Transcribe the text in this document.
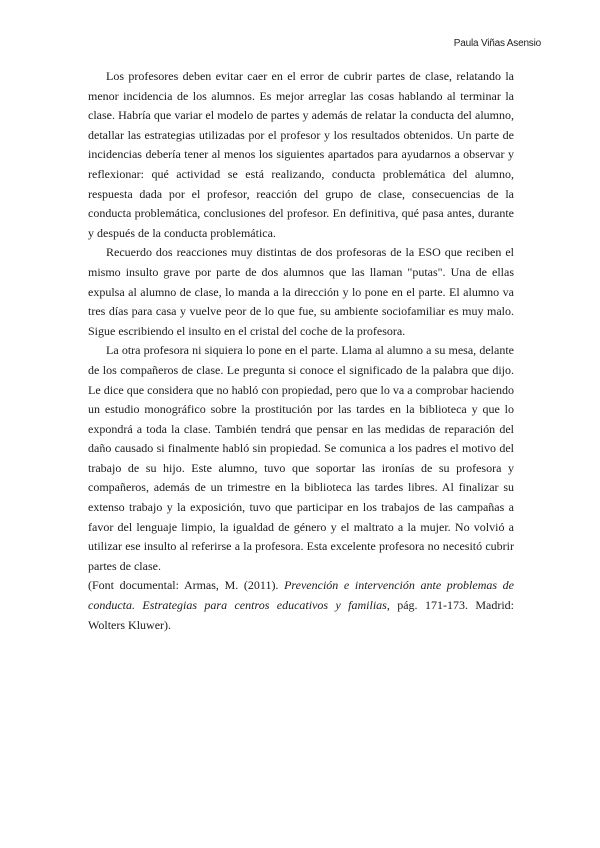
Paula Viñas Asensio

Los profesores deben evitar caer en el error de cubrir partes de clase, relatando la menor incidencia de los alumnos. Es mejor arreglar las cosas hablando al terminar la clase. Habría que variar el modelo de partes y además de relatar la conducta del alumno, detallar las estrategias utilizadas por el profesor y los resultados obtenidos. Un parte de incidencias debería tener al menos los siguientes apartados para ayudarnos a observar y reflexionar: qué actividad se está realizando, conducta problemática del alumno, respuesta dada por el profesor, reacción del grupo de clase, consecuencias de la conducta problemática, conclusiones del profesor. En definitiva, qué pasa antes, durante y después de la conducta problemática.

Recuerdo dos reacciones muy distintas de dos profesoras de la ESO que reciben el mismo insulto grave por parte de dos alumnos que las llaman "putas". Una de ellas expulsa al alumno de clase, lo manda a la dirección y lo pone en el parte. El alumno va tres días para casa y vuelve peor de lo que fue, su ambiente sociofamiliar es muy malo. Sigue escribiendo el insulto en el cristal del coche de la profesora.

La otra profesora ni siquiera lo pone en el parte. Llama al alumno a su mesa, delante de los compañeros de clase. Le pregunta si conoce el significado de la palabra que dijo. Le dice que considera que no habló con propiedad, pero que lo va a comprobar haciendo un estudio monográfico sobre la prostitución por las tardes en la biblioteca y que lo expondrá a toda la clase. También tendrá que pensar en las medidas de reparación del daño causado si finalmente habló sin propiedad. Se comunica a los padres el motivo del trabajo de su hijo. Este alumno, tuvo que soportar las ironías de su profesora y compañeros, además de un trimestre en la biblioteca las tardes libres. Al finalizar su extenso trabajo y la exposición, tuvo que participar en los trabajos de las campañas a favor del lenguaje limpio, la igualdad de género y el maltrato a la mujer. No volvió a utilizar ese insulto al referirse a la profesora. Esta excelente profesora no necesitó cubrir partes de clase.

(Font documental: Armas, M. (2011). Prevención e intervención ante problemas de conducta. Estrategias para centros educativos y familias, pág. 171-173. Madrid: Wolters Kluwer).
